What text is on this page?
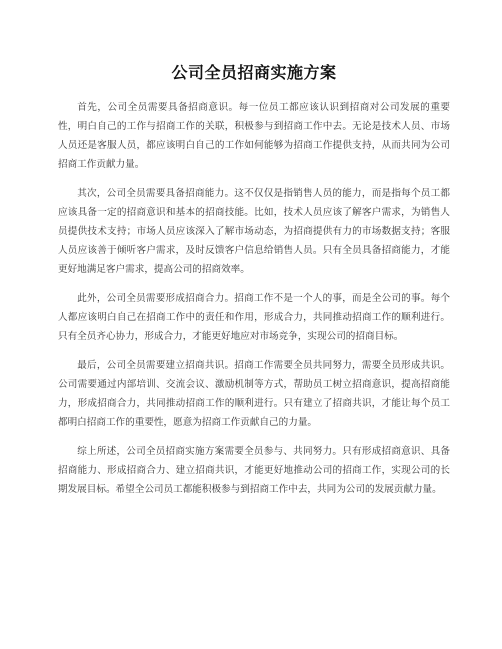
公司全员招商实施方案

首先，公司全员需要具备招商意识。每一位员工都应该认识到招商对公司发展的重要性，明白自己的工作与招商工作的关联，积极参与到招商工作中去。无论是技术人员、市场人员还是客服人员，都应该明白自己的工作如何能够为招商工作提供支持，从而共同为公司招商工作贡献力量。

其次，公司全员需要具备招商能力。这不仅仅是指销售人员的能力，而是指每个员工都应该具备一定的招商意识和基本的招商技能。比如，技术人员应该了解客户需求，为销售人员提供技术支持；市场人员应该深入了解市场动态，为招商提供有力的市场数据支持；客服人员应该善于倾听客户需求，及时反馈客户信息给销售人员。只有全员具备招商能力，才能更好地满足客户需求，提高公司的招商效率。

此外，公司全员需要形成招商合力。招商工作不是一个人的事，而是全公司的事。每个人都应该明白自己在招商工作中的责任和作用，形成合力，共同推动招商工作的顺利进行。只有全员齐心协力，形成合力，才能更好地应对市场竞争，实现公司的招商目标。

最后，公司全员需要建立招商共识。招商工作需要全员共同努力，需要全员形成共识。公司需要通过内部培训、交流会议、激励机制等方式，帮助员工树立招商意识，提高招商能力，形成招商合力，共同推动招商工作的顺利进行。只有建立了招商共识，才能让每个员工都明白招商工作的重要性，愿意为招商工作贡献自己的力量。

综上所述，公司全员招商实施方案需要全员参与、共同努力。只有形成招商意识、具备招商能力、形成招商合力、建立招商共识，才能更好地推动公司的招商工作，实现公司的长期发展目标。希望全公司员工都能积极参与到招商工作中去，共同为公司的发展贡献力量。
